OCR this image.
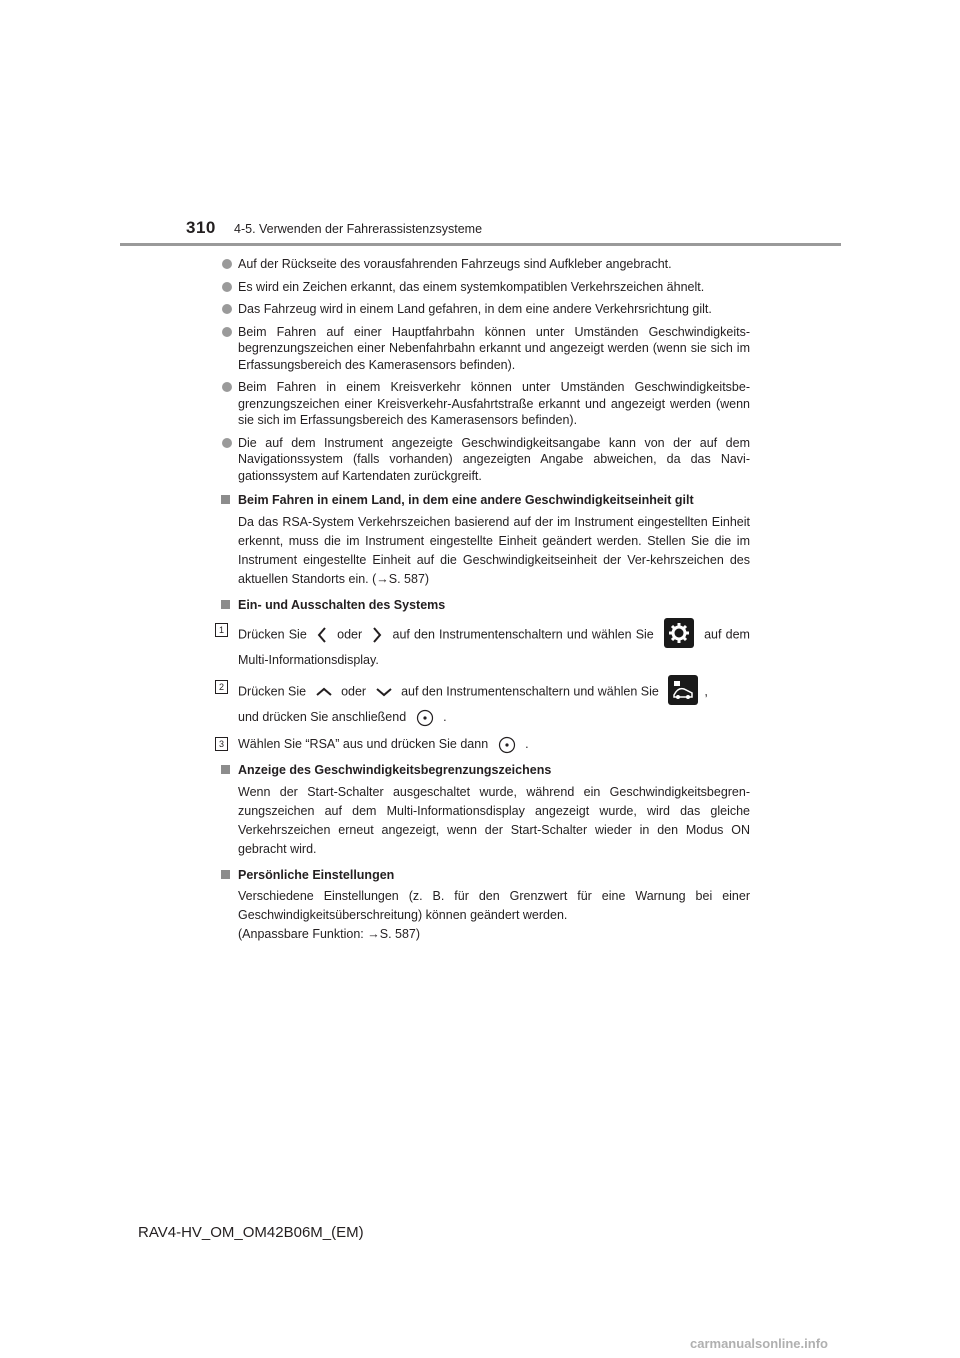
310 4-5. Verwenden der Fahrerassistenzsysteme
Auf der Rückseite des vorausfahrenden Fahrzeugs sind Aufkleber angebracht.
Es wird ein Zeichen erkannt, das einem systemkompatiblen Verkehrszeichen ähnelt.
Das Fahrzeug wird in einem Land gefahren, in dem eine andere Verkehrsrichtung gilt.
Beim Fahren auf einer Hauptfahrbahn können unter Umständen Geschwindigkeits-begrenzungszeichen einer Nebenfahrbahn erkannt und angezeigt werden (wenn sie sich im Erfassungsbereich des Kamerasensors befinden).
Beim Fahren in einem Kreisverkehr können unter Umständen Geschwindigkeitsbe-grenzungszeichen einer Kreisverkehr-Ausfahrtstraße erkannt und angezeigt werden (wenn sie sich im Erfassungsbereich des Kamerasensors befinden).
Die auf dem Instrument angezeigte Geschwindigkeitsangabe kann von der auf dem Navigationssystem (falls vorhanden) angezeigten Angabe abweichen, da das Navi-gationssystem auf Kartendaten zurückgreift.
Beim Fahren in einem Land, in dem eine andere Geschwindigkeitseinheit gilt
Da das RSA-System Verkehrszeichen basierend auf der im Instrument eingestellten Einheit erkennt, muss die im Instrument eingestellte Einheit geändert werden. Stellen Sie die im Instrument eingestellte Einheit auf die Geschwindigkeitseinheit der Ver-kehrszeichen des aktuellen Standorts ein. (→S. 587)
Ein- und Ausschalten des Systems
1	Drücken Sie oder auf den Instrumentenschaltern und wählen Sie	auf dem Multi-Informationsdisplay.
2	Drücken Sie	oder	auf den Instrumentenschaltern und wählen Sie	,
und drücken Sie anschließend	.
3	Wählen Sie “RSA” aus und drücken Sie dann	.
Anzeige des Geschwindigkeitsbegrenzungszeichens
Wenn der Start-Schalter ausgeschaltet wurde, während ein Geschwindigkeitsbegren-zungszeichen auf dem Multi-Informationsdisplay angezeigt wurde, wird das gleiche Verkehrszeichen erneut angezeigt, wenn der Start-Schalter wieder in den Modus ON gebracht wird.
Persönliche Einstellungen
Verschiedene Einstellungen (z. B. für den Grenzwert für eine Warnung bei einer Geschwindigkeitsüberschreitung) können geändert werden.
(Anpassbare Funktion: →S. 587)
RAV4-HV_OM_OM42B06M_(EM)
carmanualsonline.info
